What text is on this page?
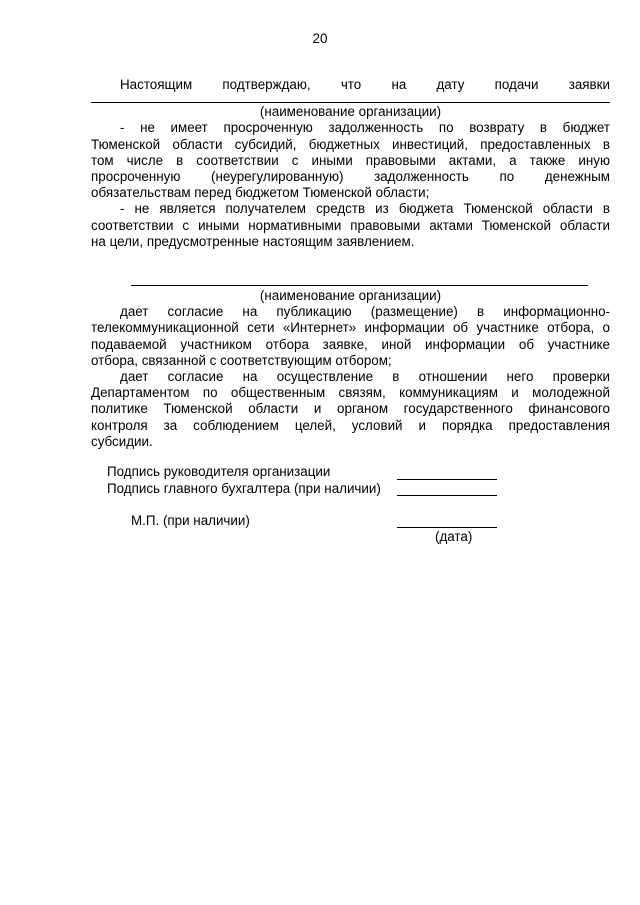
20
Настоящим подтверждаю, что на дату подачи заявки
(наименование организации)
- не имеет просроченную задолженность по возврату в бюджет
Тюменской области субсидий, бюджетных инвестиций, предоставленных в
том числе в соответствии с иными правовыми актами, а также иную
просроченную (неурегулированную) задолженность по денежным
обязательствам перед бюджетом Тюменской области;
- не является получателем средств из бюджета Тюменской области в
соответствии с иными нормативными правовыми актами Тюменской области
на цели, предусмотренные настоящим заявлением.
(наименование организации)
дает согласие на публикацию (размещение) в информационно-
телекоммуникационной сети «Интернет» информации об участнике отбора, о
подаваемой участником отбора заявке, иной информации об участнике
отбора, связанной с соответствующим отбором;
дает согласие на осуществление в отношении него проверки
Департаментом по общественным связям, коммуникациям и молодежной
политике Тюменской области и органом государственного финансового
контроля за соблюдением целей, условий и порядка предоставления
субсидии.
Подпись руководителя организации
Подпись главного бухгалтера (при наличии)
М.П. (при наличии)
(дата)
